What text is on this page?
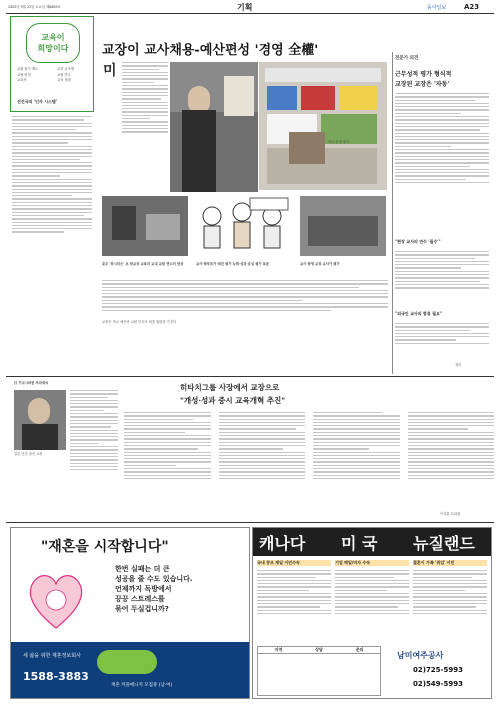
2005년 9월 23일 토요일 제6869호	기획	동아일보	A23
교육이
희망이다
교원 평가 제도	교장 공모제
교원 양성	교원 연수
교과서	교육 재정
선진국의 '인사 시스템'
교장이 교사채용-예산편성 '경영 全權'
미
학교 운영 평가
호주 '하시미슨' 초 학교장 교육과 교내 교원 연수의 현장	교사·학부모가 매년 평가 능력·성과 중심 평가 표준	교사 학생 교장 교사가 평가
교장은 학교 예산과 교원 인사의 최종 권한을 가진다
전문가 의견
근무성적 평가 형식적
교장된 교장은 '자동'
"현장 교사의 연수 '필수'"
"외국인 교사의 합류 필요"
정리
日 가고시마현 무라세씨
일본 민간 출신 교장
히타치그룹 사장에서 교장으로
"개성·성과 중시 교육개혁 추진"
이상훈 특파원
"재혼을 시작합니다"
한번 실패는 더 큰
성공을 줄 수도 있습니다.
언제까지 독방에서
끙끙 스트레스를
묶어 두실겁니까?
새 삶을 위한 재혼정보회사
1588-3883
재혼 커플매니저 모집중 (남·여)
캐나다 미 국 뉴질랜드
국내 창조 제일 이민수속	기업 메일/비자 수속	결혼이 가족 '취업' 이민
지역	상담	문의
남미여주공사
02)725-5993
02)549-5993
